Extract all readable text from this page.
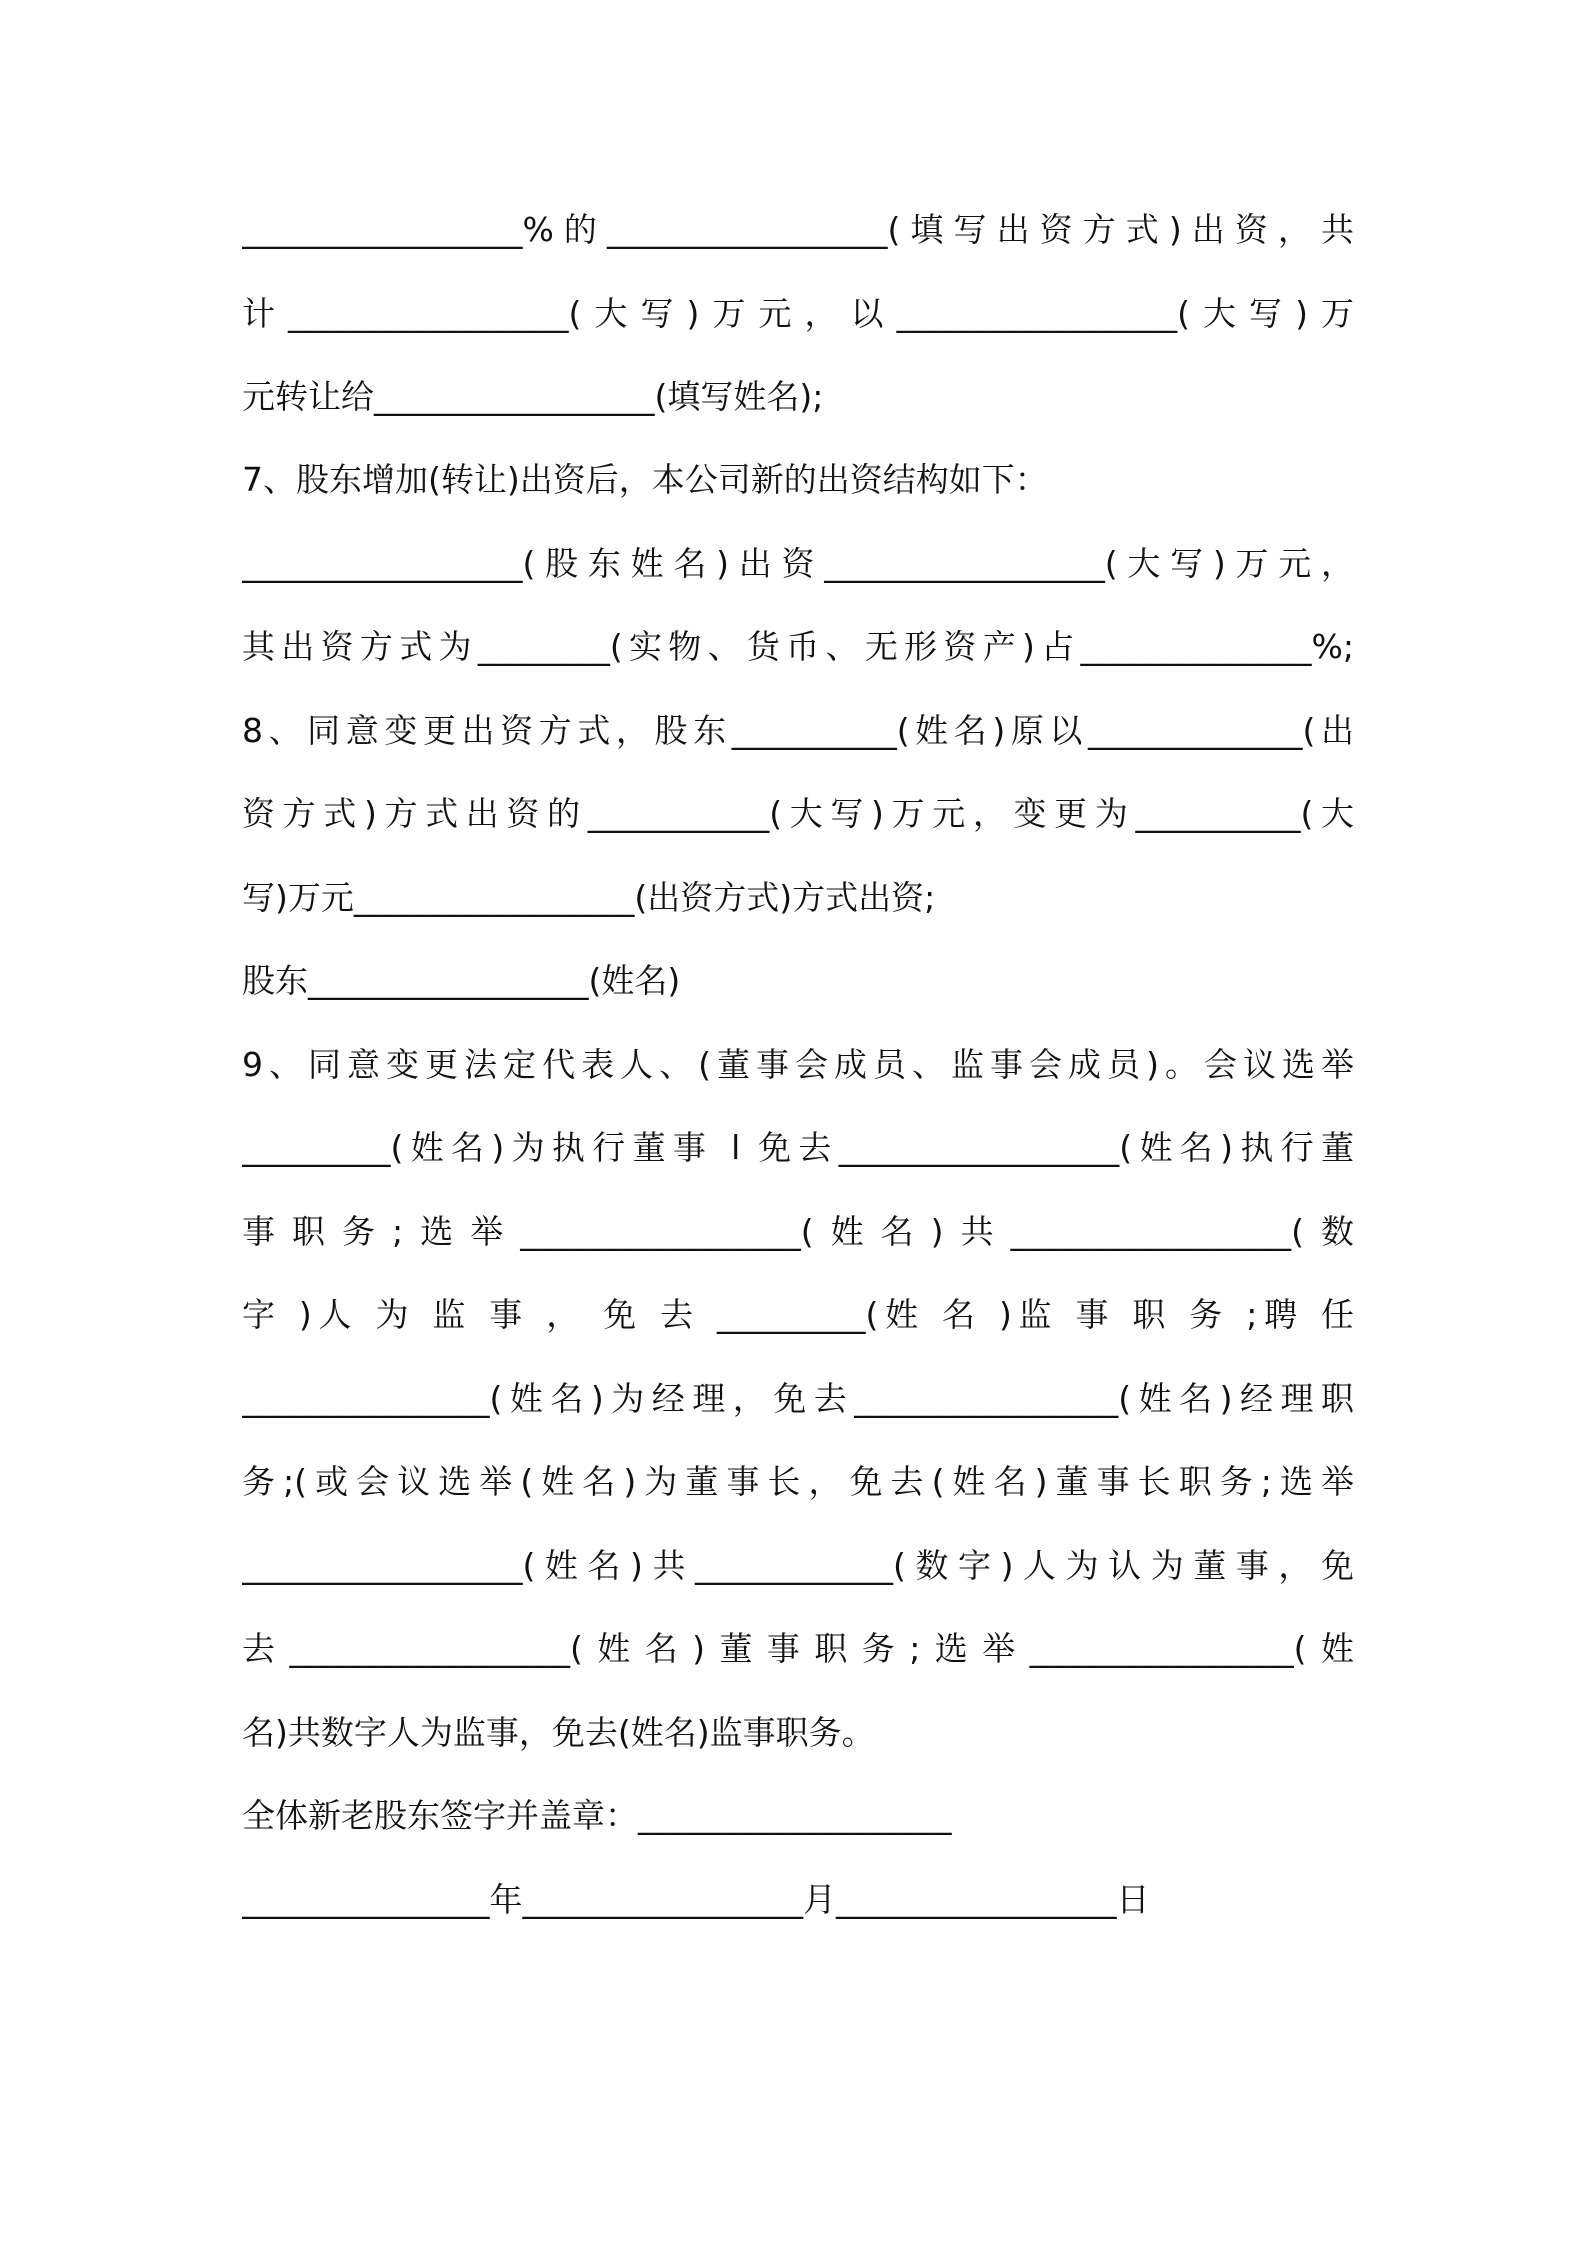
_________________%的_________________(填写出资方式)出资，共
计_________________(大写)万元，以_________________(大写)万
元转让给_________________(填写姓名);
7、股东增加(转让)出资后，本公司新的出资结构如下：
_________________(股东姓名)出资_________________(大写)万元，
其出资方式为________(实物、货币、无形资产)占______________%;
8、同意变更出资方式，股东__________(姓名)原以_____________(出
资方式)方式出资的___________(大写)万元，变更为__________(大
写)万元_________________(出资方式)方式出资;
股东_________________(姓名)
9、同意变更法定代表人、(董事会成员、监事会成员)。会议选举
_________(姓名)为执行董事 l 免去_________________(姓名)执行董
事职务;选举_________________(姓名)共_________________(数
字 )人 为 监 事 ， 免 去 _________(姓 名 )监 事 职 务 ;聘 任
_______________(姓名)为经理，免去________________(姓名)经理职
务;(或会议选举(姓名)为董事长，免去(姓名)董事长职务;选举
_________________(姓名)共____________(数字)人为认为董事，免
去_________________(姓名)董事职务;选举________________(姓
名)共数字人为监事，免去(姓名)监事职务。
全体新老股东签字并盖章：___________________
_______________年_________________月_________________日
